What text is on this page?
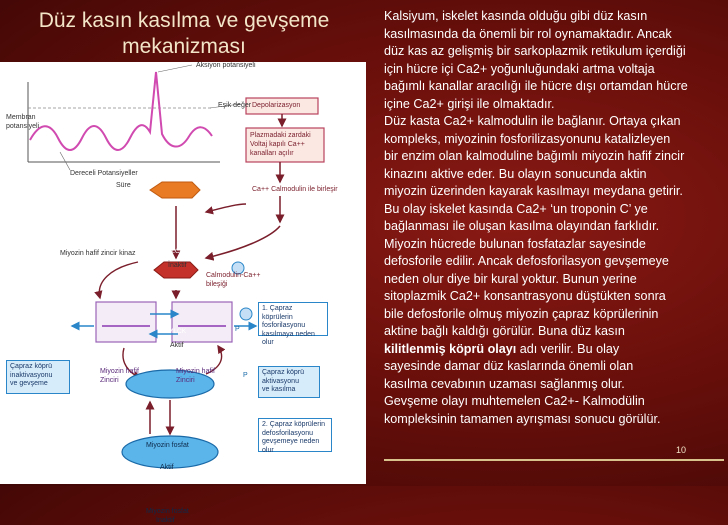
Düz kasın kasılma ve gevşeme
mekanizması
Aksiyon potansiyeli
Membran
potansiyeli
Eşik değer
Dereceli Potansiyeller
Süre
Depolarizasyon
Plazmadaki zardaki
Voltaj kapılı Ca++
kanalları açılır
Ca++ Calmodulin ile birleşir
Calmodulin-Ca++
bileşiği
MLCK
Miyozin hafif zincir kinaz
İnaktif
MLCK
Aktif
Miyozin hafif
Zinciri
Miyozin hafif
Zinciri
P
P
Çapraz köprü
inaktivasyonu
ve gevşeme
Çapraz köprü
aktivasyonu
ve kasılma
1. Çapraz köprülerin
fosforilasyonu
kasılmaya neden olur
2. Çapraz köprülerin
defosforilasyonu
gevşemeye neden olur
Miyozin fosfat
Aktif
Miyozin fosfat
İnaktif

Kalsiyum, iskelet kasında olduğu gibi düz kasın

kasılmasında da önemli bir rol oynamaktadır. Ancak

düz kas az gelişmiş bir sarkoplazmik retikulum içerdiği

için hücre içi Ca2+ yoğunluğundaki artma voltaja

bağımlı kanallar aracılığı ile hücre dışı ortamdan hücre

içine Ca2+ girişi ile olmaktadır.

Düz kasta Ca2+ kalmodulin ile bağlanır. Ortaya çıkan

kompleks, miyozinin fosforilizasyonunu katalizleyen

bir enzim olan kalmoduline bağımlı miyozin hafif zincir

kinazını aktive eder. Bu olayın sonucunda aktin

miyozin üzerinden kayarak kasılmayı meydana getirir.

Bu olay iskelet kasında Ca2+ ‘un troponin C’ ye

bağlanması ile oluşan kasılma olayından farklıdır.

Miyozin hücrede bulunan fosfatazlar sayesinde

defosforile edilir. Ancak defosforilasyon gevşemeye

neden olur diye bir kural yoktur. Bunun yerine

sitoplazmik Ca2+ konsantrasyonu düştükten sonra

bile defosforile olmuş miyozin çapraz köprülerinin

aktine bağlı kaldığı görülür. Buna düz kasın

kilitlenmiş köprü olayı adı verilir. Bu olay

sayesinde damar düz kaslarında önemli olan

kasılma cevabının uzaması sağlanmış olur.

Gevşeme olayı muhtemelen Ca2+- Kalmodülin

kompleksinin tamamen ayrışması sonucu görülür.

10
